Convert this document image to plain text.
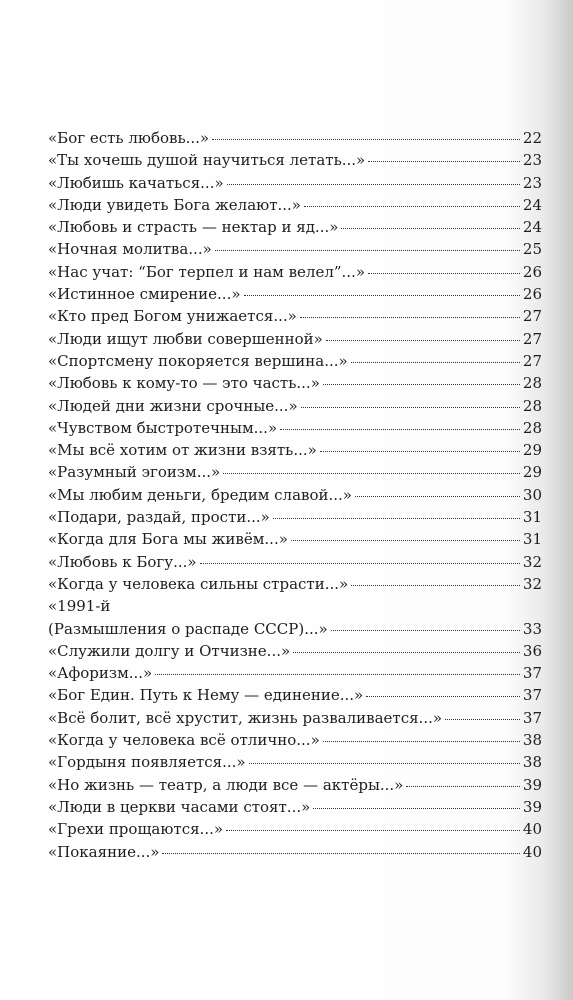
«Бог есть любовь...»	22
«Ты хочешь душой научиться летать...»	23
«Любишь качаться...»	23
«Люди увидеть Бога желают...»	24
«Любовь и страсть — нектар и яд...»	24
«Ночная молитва...»	25
«Нас учат: “Бог терпел и нам велел”...»	26
«Истинное смирение...»	26
«Кто пред Богом унижается...»	27
«Люди ищут любви совершенной»	27
«Спортсмену покоряется вершина...»	27
«Любовь к кому-то — это часть...»	28
«Людей дни жизни срочные...»	28
«Чувством быстротечным...»	28
«Мы всё хотим от жизни взять...»	29
«Разумный эгоизм...»	29
«Мы любим деньги, бредим славой...»	30
«Подари, раздай, прости...»	31
«Когда для Бога мы живём...»	31
«Любовь к Богу...»	32
«Когда у человека сильны страсти...»	32
«1991-й
(Размышления о распаде СССР)...»	33
«Служили долгу и Отчизне...»	36
«Афоризм...»	37
«Бог Един. Путь к Нему — единение...»	37
«Всё болит, всё хрустит, жизнь разваливается...»	37
«Когда у человека всё отлично...»	38
«Гордыня появляется...»	38
«Но жизнь — театр, а люди все — актёры...»	39
«Люди в церкви часами стоят...»	39
«Грехи прощаются...»	40
«Покаяние...»	40
